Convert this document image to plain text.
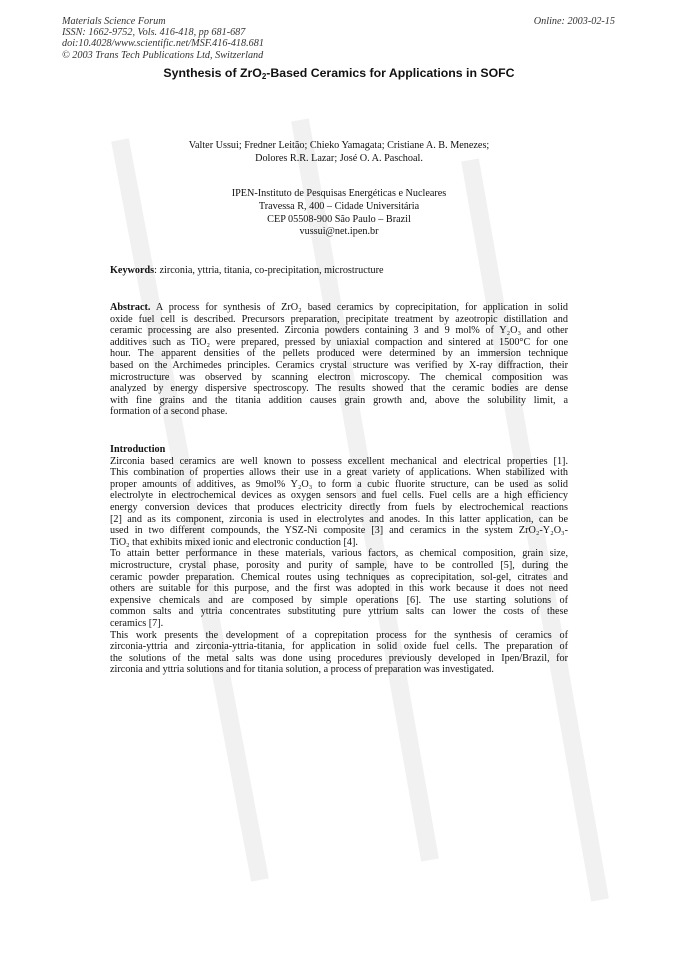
Materials Science Forum
ISSN: 1662-9752, Vols. 416-418, pp 681-687
doi:10.4028/www.scientific.net/MSF.416-418.681
© 2003 Trans Tech Publications Ltd, Switzerland
Online: 2003-02-15
Synthesis of ZrO$_2$-Based Ceramics for Applications in SOFC
Valter Ussui; Fredner Leitão; Chieko Yamagata; Cristiane A. B. Menezes;
Dolores R.R. Lazar; José O. A. Paschoal.
IPEN-Instituto de Pesquisas Energéticas e Nucleares
Travessa R, 400 – Cidade Universitária
CEP 05508-900 São Paulo – Brazil
vussui@net.ipen.br
Keywords: zirconia, yttria, titania, co-precipitation, microstructure
Abstract. A process for synthesis of ZrO₂ based ceramics by coprecipitation, for application in solid
oxide fuel cell is described. Precursors preparation, precipitate treatment by azeotropic distillation and
ceramic processing are also presented. Zirconia powders containing 3 and 9 mol% of Y₂O₃ and other
additives such as TiO₂ were prepared, pressed by uniaxial compaction and sintered at 1500°C for one
hour. The apparent densities of the pellets produced were determined by an immersion technique
based on the Archimedes principles. Ceramics crystal structure was verified by X-ray diffraction, their
microstructure was observed by scanning electron microscopy. The chemical composition was
analyzed by energy dispersive spectroscopy. The results showed that the ceramic bodies are dense
with fine grains and the titania addition causes grain growth and, above the solubility limit, a
formation of a second phase.
Introduction
Zirconia based ceramics are well known to possess excellent mechanical and electrical properties [1].
This combination of properties allows their use in a great variety of applications. When stabilized with
proper amounts of additives, as 9mol% Y₂O₃ to form a cubic fluorite structure, can be used as solid
electrolyte in electrochemical devices as oxygen sensors and fuel cells. Fuel cells are a high efficiency
energy conversion devices that produces electricity directly from fuels by electrochemical reactions
[2] and as its component, zirconia is used in electrolytes and anodes. In this latter application, can be
used in two different compounds, the YSZ-Ni composite [3] and ceramics in the system ZrO₂-Y₂O₃-
TiO₂ that exhibits mixed ionic and electronic conduction [4].
To attain better performance in these materials, various factors, as chemical composition, grain size,
microstructure, crystal phase, porosity and purity of sample, have to be controlled [5], during the
ceramic powder preparation. Chemical routes using techniques as coprecipitation, sol-gel, citrates and
others are suitable for this purpose, and the first was adopted in this work because it does not need
expensive chemicals and are composed by simple operations [6]. The use starting solutions of
common salts and yttria concentrates substituting pure yttrium salts can lower the costs of these
ceramics [7].
This work presents the development of a coprepitation process for the synthesis of ceramics of
zirconia-yttria and zirconia-yttria-titania, for application in solid oxide fuel cells. The preparation of
the solutions of the metal salts was done using procedures previously developed in Ipen/Brazil, for
zirconia and yttria solutions and for titania solution, a process of preparation was investigated.
